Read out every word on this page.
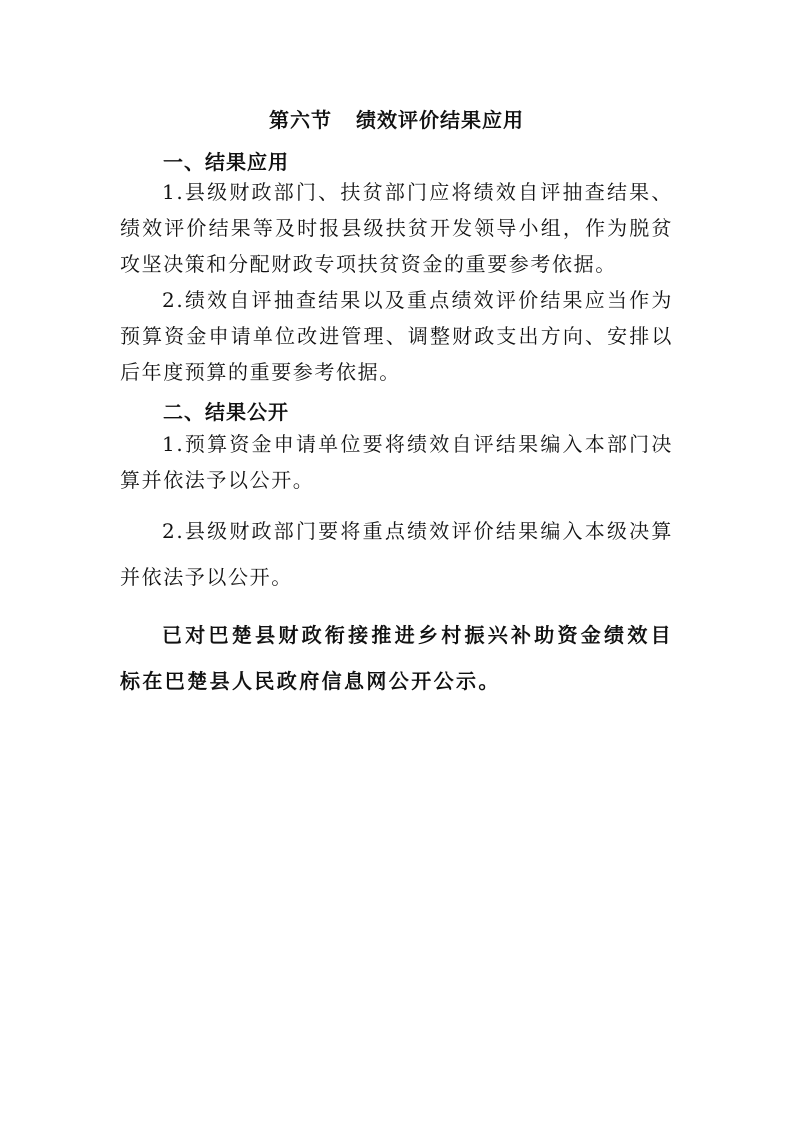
第六节 绩效评价结果应用
一、结果应用
1.县级财政部门、扶贫部门应将绩效自评抽查结果、绩效评价结果等及时报县级扶贫开发领导小组，作为脱贫攻坚决策和分配财政专项扶贫资金的重要参考依据。
2.绩效自评抽查结果以及重点绩效评价结果应当作为预算资金申请单位改进管理、调整财政支出方向、安排以后年度预算的重要参考依据。
二、结果公开
1.预算资金申请单位要将绩效自评结果编入本部门决算并依法予以公开。
2.县级财政部门要将重点绩效评价结果编入本级决算并依法予以公开。
已对巴楚县财政衔接推进乡村振兴补助资金绩效目标在巴楚县人民政府信息网公开公示。
